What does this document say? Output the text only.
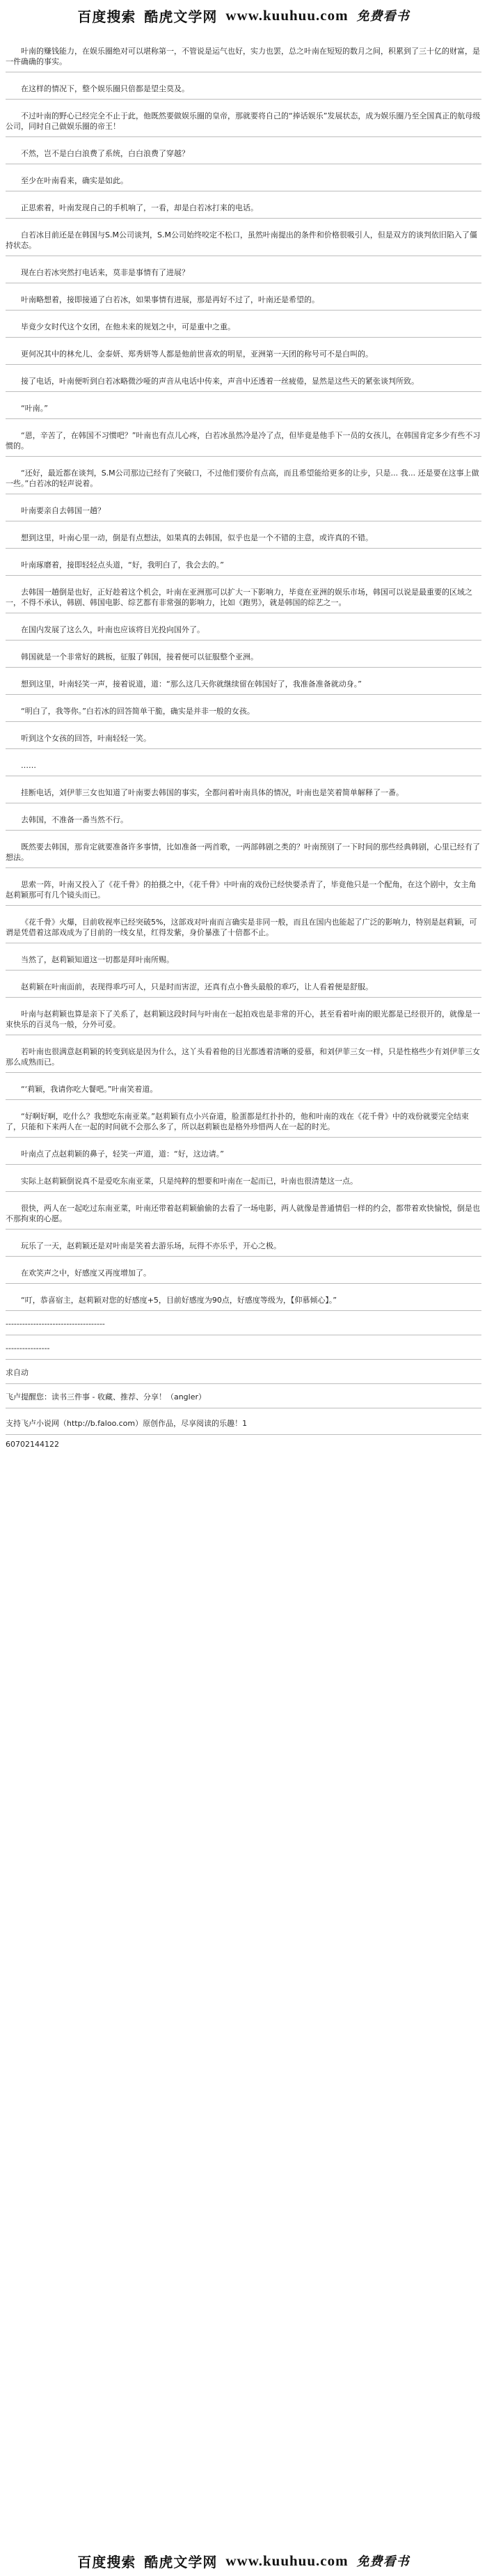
百度搜索 酷虎文学网 www.kuuhuu.com 免费看书

叶南的赚钱能力，在娱乐圈绝对可以堪称第一，不管说是运气也好，实力也罢，总之叶南在短短的数月之间，积累到了三十亿的财富，是一件确确的事实。

在这样的情况下，整个娱乐圈只倍都是望尘莫及。

不过叶南的野心已经完全不止于此，他既然要做娱乐圈的皇帝，那就要将自己的“捧话娱乐”发展状态，成为娱乐圈乃至全国真正的航母级公司，同时自己做娱乐圈的帝王！

不然，岂不是白白浪费了系统，白白浪费了穿越？

至少在叶南看来，确实是如此。

正思索着，叶南发现自己的手机响了，一看，却是白若冰打来的电话。

白若冰目前还是在韩国与S.M公司谈判，S.M公司始终咬定不松口，虽然叶南提出的条件和价格很吸引人，但是双方的谈判依旧陷入了僵持状态。

现在白若冰突然打电话来，莫非是事情有了进展？

叶南略想着，接即接通了白若冰，如果事情有进展，那是再好不过了，叶南还是希望的。

毕竟少女时代这个女团，在他未来的规划之中，可是重中之重。

更何况其中的林允儿、金泰妍、郑秀妍等人都是他前世喜欢的明星，亚洲第一天团的称号可不是白叫的。

接了电话，叶南便听到白若冰略微沙哑的声音从电话中传来，声音中还透着一丝疲倦，显然是这些天的紧张谈判所致。

“叶南。”

“恩，辛苦了，在韩国不习惯吧？”叶南也有点儿心疼，白若冰虽然冷是冷了点，但毕竟是他手下一员的女孩儿，在韩国肯定多少有些不习惯的。

“还好，最近都在谈判，S.M公司那边已经有了突破口，不过他们要价有点高，而且希望能给更多的让步，只是... 我... 还是要在这事上做一些。”白若冰的轻声说着。

叶南要亲自去韩国一趟？

想到这里，叶南心里一动，倒是有点想法，如果真的去韩国，似乎也是一个不错的主意，或许真的不错。

叶南琢磨着，接即轻轻点头道，“好，我明白了，我会去的。”

去韩国一趟倒是也好，正好趁着这个机会，叶南在亚洲那可以扩大一下影响力，毕竟在亚洲的娱乐市场，韩国可以说是最重要的区域之一，不得不承认，韩剧、韩国电影、综艺都有非常强的影响力，比如《跑男》，就是韩国的综艺之一。

在国内发展了这么久，叶南也应该将目光投向国外了。

韩国就是一个非常好的跳板，征服了韩国，接着便可以征服整个亚洲。

想到这里，叶南轻笑一声，接着说道，道：“那么这几天你就继续留在韩国好了，我准备准备就动身。”

“明白了，我等你。”白若冰的回答简单干脆，确实是并非一般的女孩。

听到这个女孩的回答，叶南轻轻一笑。

……

挂断电话，刘伊菲三女也知道了叶南要去韩国的事实，全都问着叶南具体的情况，叶南也是笑着简单解释了一番。

去韩国，不准备一番当然不行。

既然要去韩国，那肯定就要准备许多事情，比如准备一两首歌，一两部韩剧之类的？叶南预别了一下时间的那些经典韩剧，心里已经有了想法。

思索一阵，叶南又投入了《花千骨》的拍摄之中，《花千骨》中叶南的戏份已经快要杀青了，毕竟他只是一个配角，在这个剧中，女主角赵莉颖那可有几个镜头而已。

《花千骨》火爆，目前收视率已经突破5%，这部戏对叶南而言确实是非同一般，而且在国内也能起了广泛的影响力，特别是赵莉颖，可谓是凭借着这部戏成为了目前的一线女星，红得发紫，身价暴涨了十倍都不止。

当然了，赵莉颖知道这一切都是拜叶南所赐。

赵莉颖在叶南面前，表现得乖巧可人，只是时而害涩，还真有点小鲁头最般的乖巧，让人看着便是舒服。

叶南与赵莉颖也算是亲下了关系了，赵莉颖这段时间与叶南在一起拍戏也是非常的开心，甚至看着叶南的眼光都是已经很开的，就像是一束快乐的百灵鸟一般，分外可爱。

若叶南也很满意赵莉颖的转变到底是因为什么，这丫头看着他的目光都透着清晰的爱慕，和刘伊菲三女一样，只是性格些少有刘伊菲三女那么成熟而已。

“‘莉颖，我请你吃大餐吧。”叶南笑着道。

“好啊好啊，吃什么？我想吃东南亚菜。”赵莉颖有点小兴奋道，脸蛋都是红扑扑的，他和叶南的戏在《花千骨》中的戏份就要完全结束了，只能和下来两人在一起的时间就不会那么多了，所以赵莉颖也是格外珍惜两人在一起的时光。

叶南点了点赵莉颖的鼻子，轻笑一声道，道：“好，这边请。”

实际上赵莉颖倒说真不是爱吃东南亚菜，只是纯粹的想要和叶南在一起而已，叶南也很清楚这一点。

很快，两人在一起吃过东南亚菜，叶南还带着赵莉颖偷偷的去看了一场电影，两人就像是普通情侣一样的约会，都带着欢快愉悦，倒是也不那拘束的心愿。

玩乐了一天，赵莉颖还是对叶南是笑着去游乐场，玩得不亦乐乎，开心之极。

在欢笑声之中，好感度又再度增加了。

“叮，恭喜宿主，赵莉颖对您的好感度+5，目前好感度为90点，好感度等级为，【仰慕倾心】。”

------------------------------------

----------------

求自动

飞卢提醒您：读书三件事 - 收藏、推荐、分享！（angler）

支持飞卢小说网（http://b.faloo.com）原创作品，尽享阅读的乐趣！1

60702144122

百度搜索 酷虎文学网 www.kuuhuu.com 免费看书
